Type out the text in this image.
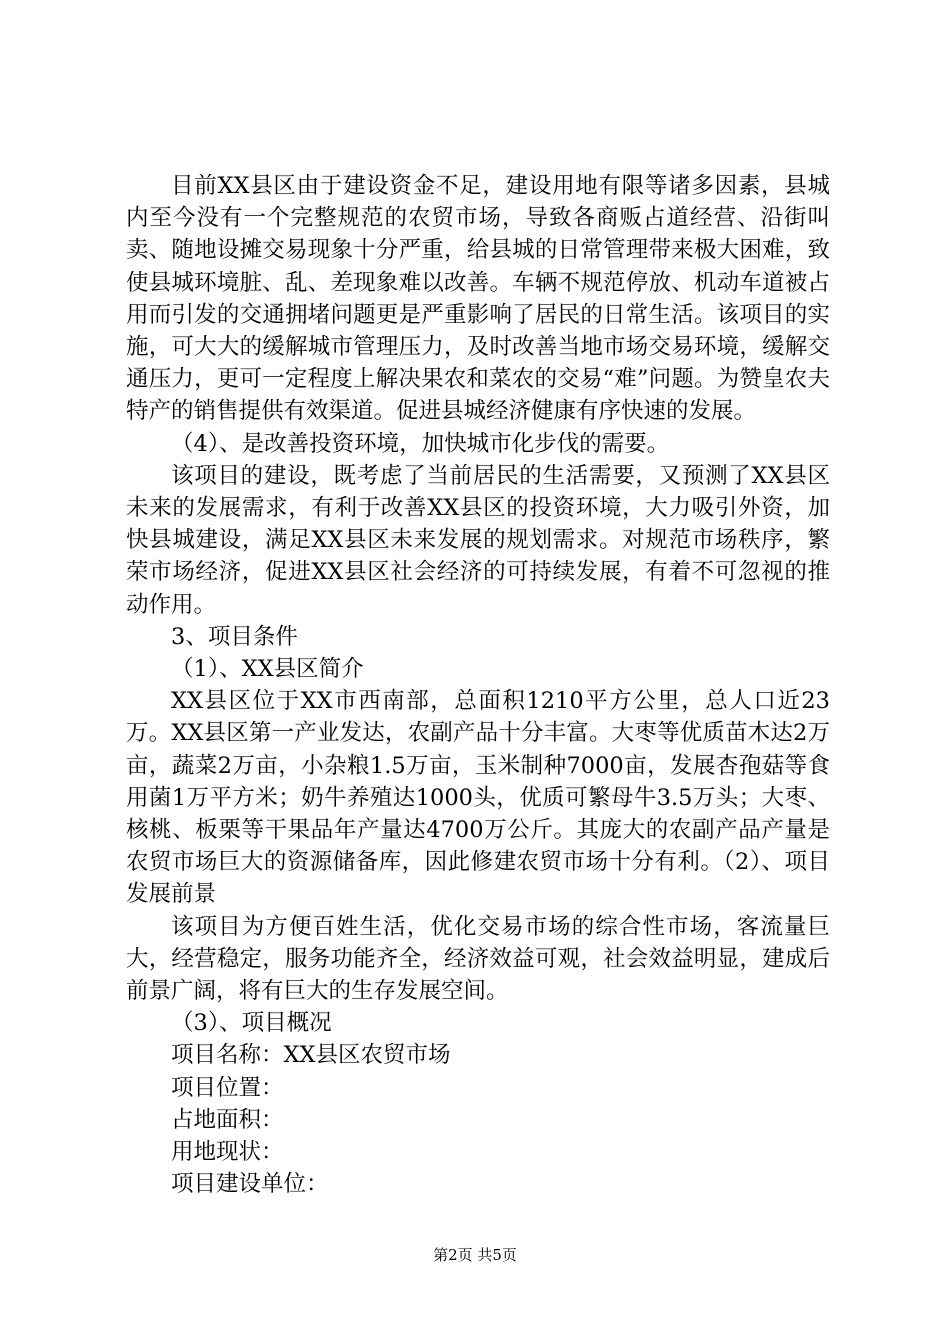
目前XX县区由于建设资金不足，建设用地有限等诸多因素，县城内至今没有一个完整规范的农贸市场，导致各商贩占道经营、沿街叫卖、随地设摊交易现象十分严重，给县城的日常管理带来极大困难，致使县城环境脏、乱、差现象难以改善。车辆不规范停放、机动车道被占用而引发的交通拥堵问题更是严重影响了居民的日常生活。该项目的实施，可大大的缓解城市管理压力，及时改善当地市场交易环境，缓解交通压力，更可一定程度上解决果农和菜农的交易“难”问题。为赞皇农夫特产的销售提供有效渠道。促进县城经济健康有序快速的发展。

（4）、是改善投资环境，加快城市化步伐的需要。

该项目的建设，既考虑了当前居民的生活需要，又预测了XX县区未来的发展需求，有利于改善XX县区的投资环境，大力吸引外资，加快县城建设，满足XX县区未来发展的规划需求。对规范市场秩序，繁荣市场经济，促进XX县区社会经济的可持续发展，有着不可忽视的推动作用。

3、项目条件

（1）、XX县区简介

XX县区位于XX市西南部，总面积1210平方公里，总人口近23万。XX县区第一产业发达，农副产品十分丰富。大枣等优质苗木达2万亩，蔬菜2万亩，小杂粮1.5万亩，玉米制种7000亩，发展杏孢菇等食用菌1万平方米；奶牛养殖达1000头，优质可繁母牛3.5万头；大枣、核桃、板栗等干果品年产量达4700万公斤。其庞大的农副产品产量是农贸市场巨大的资源储备库，因此修建农贸市场十分有利。（2）、项目发展前景

该项目为方便百姓生活，优化交易市场的综合性市场，客流量巨大，经营稳定，服务功能齐全，经济效益可观，社会效益明显，建成后前景广阔，将有巨大的生存发展空间。

（3）、项目概况

项目名称：XX县区农贸市场

项目位置：

占地面积：

用地现状：

项目建设单位：

第2页 共5页
